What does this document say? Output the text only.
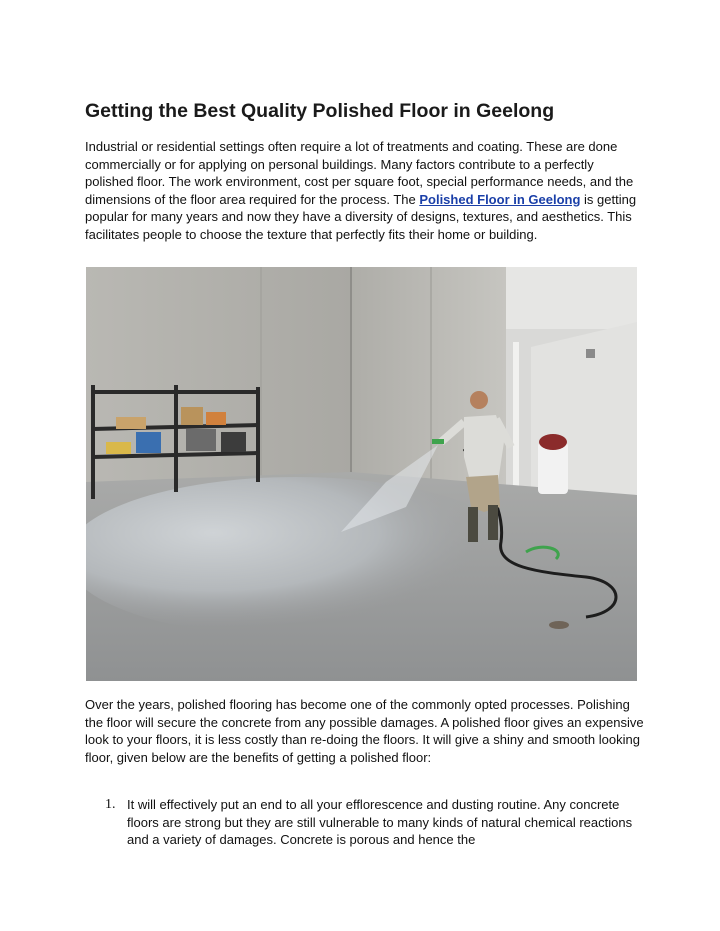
Getting the Best Quality Polished Floor in Geelong

Industrial or residential settings often require a lot of treatments and coating. These are done commercially or for applying on personal buildings. Many factors contribute to a perfectly polished floor. The work environment, cost per square foot, special performance needs, and the dimensions of the floor area required for the process. The Polished Floor in Geelong is getting popular for many years and now they have a diversity of designs, textures, and aesthetics. This facilitates people to choose the texture that perfectly fits their home or building.

Over the years, polished flooring has become one of the commonly opted processes. Polishing the floor will secure the concrete from any possible damages. A polished floor gives an expensive look to your floors, it is less costly than re-doing the floors. It will give a shiny and smooth looking floor, given below are the benefits of getting a polished floor:

1. It will effectively put an end to all your efflorescence and dusting routine. Any concrete floors are strong but they are still vulnerable to many kinds of natural chemical reactions and a variety of damages. Concrete is porous and hence the
